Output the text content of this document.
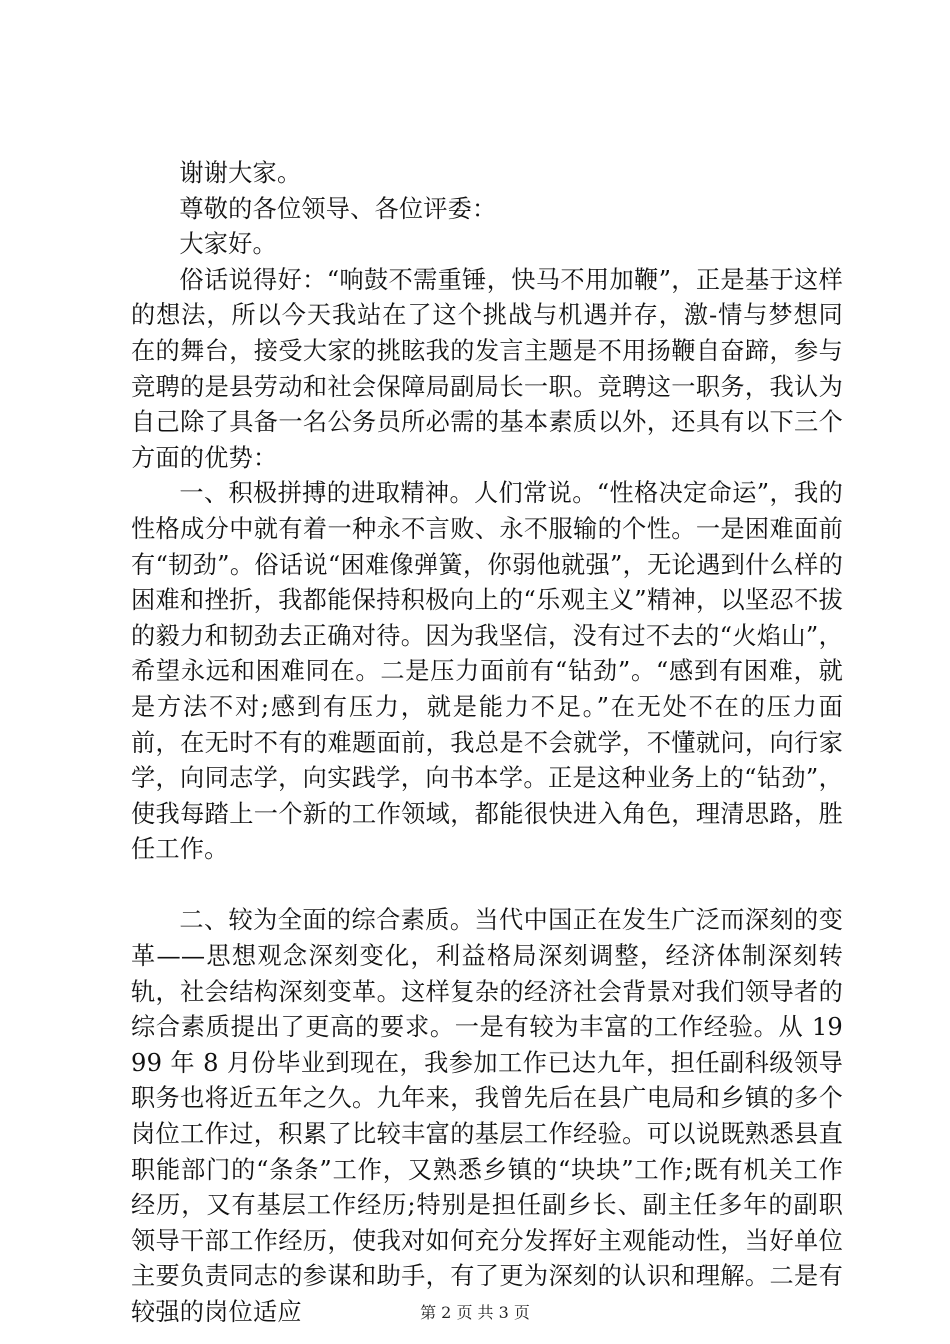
谢谢大家。

尊敬的各位领导、各位评委：

大家好。

俗话说得好：“响鼓不需重锤，快马不用加鞭”，正是基于这样的想法，所以今天我站在了这个挑战与机遇并存，激-情与梦想同在的舞台，接受大家的挑眩我的发言主题是不用扬鞭自奋蹄，参与竞聘的是县劳动和社会保障局副局长一职。竞聘这一职务，我认为自己除了具备一名公务员所必需的基本素质以外，还具有以下三个方面的优势：

一、积极拼搏的进取精神。人们常说。“性格决定命运”，我的性格成分中就有着一种永不言败、永不服输的个性。一是困难面前有“韧劲”。俗话说“困难像弹簧，你弱他就强”，无论遇到什么样的困难和挫折，我都能保持积极向上的“乐观主义”精神，以坚忍不拔的毅力和韧劲去正确对待。因为我坚信，没有过不去的“火焰山”，希望永远和困难同在。二是压力面前有“钻劲”。“感到有困难，就是方法不对;感到有压力，就是能力不足。”在无处不在的压力面前，在无时不有的难题面前，我总是不会就学，不懂就问，向行家学，向同志学，向实践学，向书本学。正是这种业务上的“钻劲”，使我每踏上一个新的工作领域，都能很快进入角色，理清思路，胜任工作。

二、较为全面的综合素质。当代中国正在发生广泛而深刻的变革——思想观念深刻变化，利益格局深刻调整，经济体制深刻转轨，社会结构深刻变革。这样复杂的经济社会背景对我们领导者的综合素质提出了更高的要求。一是有较为丰富的工作经验。从 1999 年 8 月份毕业到现在，我参加工作已达九年，担任副科级领导职务也将近五年之久。九年来，我曾先后在县广电局和乡镇的多个岗位工作过，积累了比较丰富的基层工作经验。可以说既熟悉县直职能部门的“条条”工作，又熟悉乡镇的“块块”工作;既有机关工作经历，又有基层工作经历;特别是担任副乡长、副主任多年的副职领导干部工作经历，使我对如何充分发挥好主观能动性，当好单位主要负责同志的参谋和助手，有了更为深刻的认识和理解。二是有较强的岗位适应	第 2 页 共 3 页
